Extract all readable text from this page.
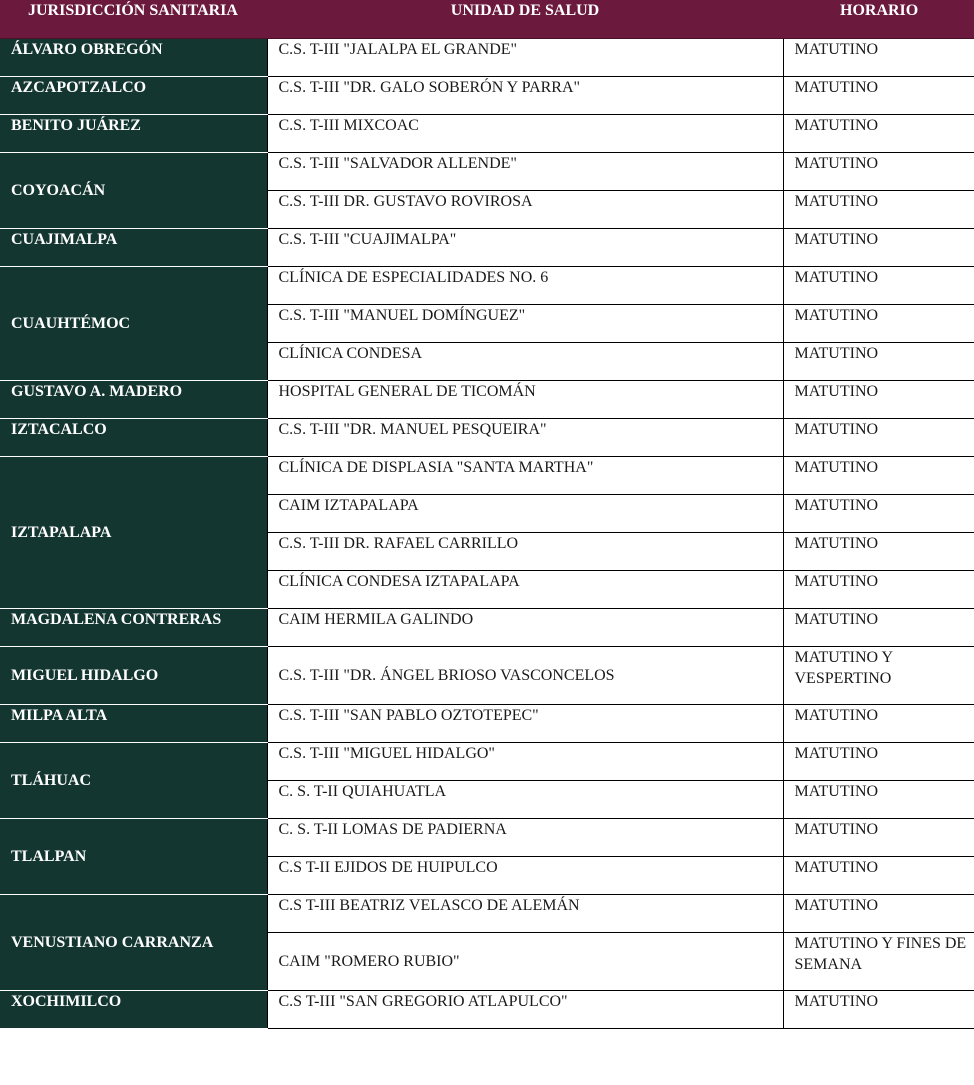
JURISDICCIÓN SANITARIA	UNIDAD DE SALUD	HORARIO
ÁLVARO OBREGÓN	C.S. T-III "JALALPA EL GRANDE"	MATUTINO
AZCAPOTZALCO	C.S. T-III "DR. GALO SOBERÓN Y PARRA"	MATUTINO
BENITO JUÁREZ	C.S. T-III MIXCOAC	MATUTINO
COYOACÁN	C.S. T-III "SALVADOR ALLENDE"	MATUTINO
	C.S. T-III DR. GUSTAVO ROVIROSA	MATUTINO
CUAJIMALPA	C.S. T-III "CUAJIMALPA"	MATUTINO
CUAUHTÉMOC	CLÍNICA DE ESPECIALIDADES NO. 6	MATUTINO
	C.S. T-III "MANUEL DOMÍNGUEZ"	MATUTINO
	CLÍNICA CONDESA	MATUTINO
GUSTAVO A. MADERO	HOSPITAL GENERAL DE TICOMÁN	MATUTINO
IZTACALCO	C.S. T-III "DR. MANUEL PESQUEIRA"	MATUTINO
IZTAPALAPA	CLÍNICA DE DISPLASIA "SANTA MARTHA"	MATUTINO
	CAIM IZTAPALAPA	MATUTINO
	C.S. T-III DR. RAFAEL CARRILLO	MATUTINO
	CLÍNICA CONDESA IZTAPALAPA	MATUTINO
MAGDALENA CONTRERAS	CAIM HERMILA GALINDO	MATUTINO
MIGUEL HIDALGO	C.S. T-III "DR. ÁNGEL BRIOSO VASCONCELOS	MATUTINO Y VESPERTINO
MILPA ALTA	C.S. T-III "SAN PABLO OZTOTEPEC"	MATUTINO
TLÁHUAC	C.S. T-III "MIGUEL HIDALGO"	MATUTINO
	C. S. T-II QUIAHUATLA	MATUTINO
TLALPAN	C. S. T-II LOMAS DE PADIERNA	MATUTINO
	C.S T-II EJIDOS DE HUIPULCO	MATUTINO
VENUSTIANO CARRANZA	C.S T-III BEATRIZ VELASCO DE ALEMÁN	MATUTINO
	CAIM "ROMERO RUBIO"	MATUTINO Y FINES DE SEMANA
XOCHIMILCO	C.S T-III "SAN GREGORIO ATLAPULCO"	MATUTINO
